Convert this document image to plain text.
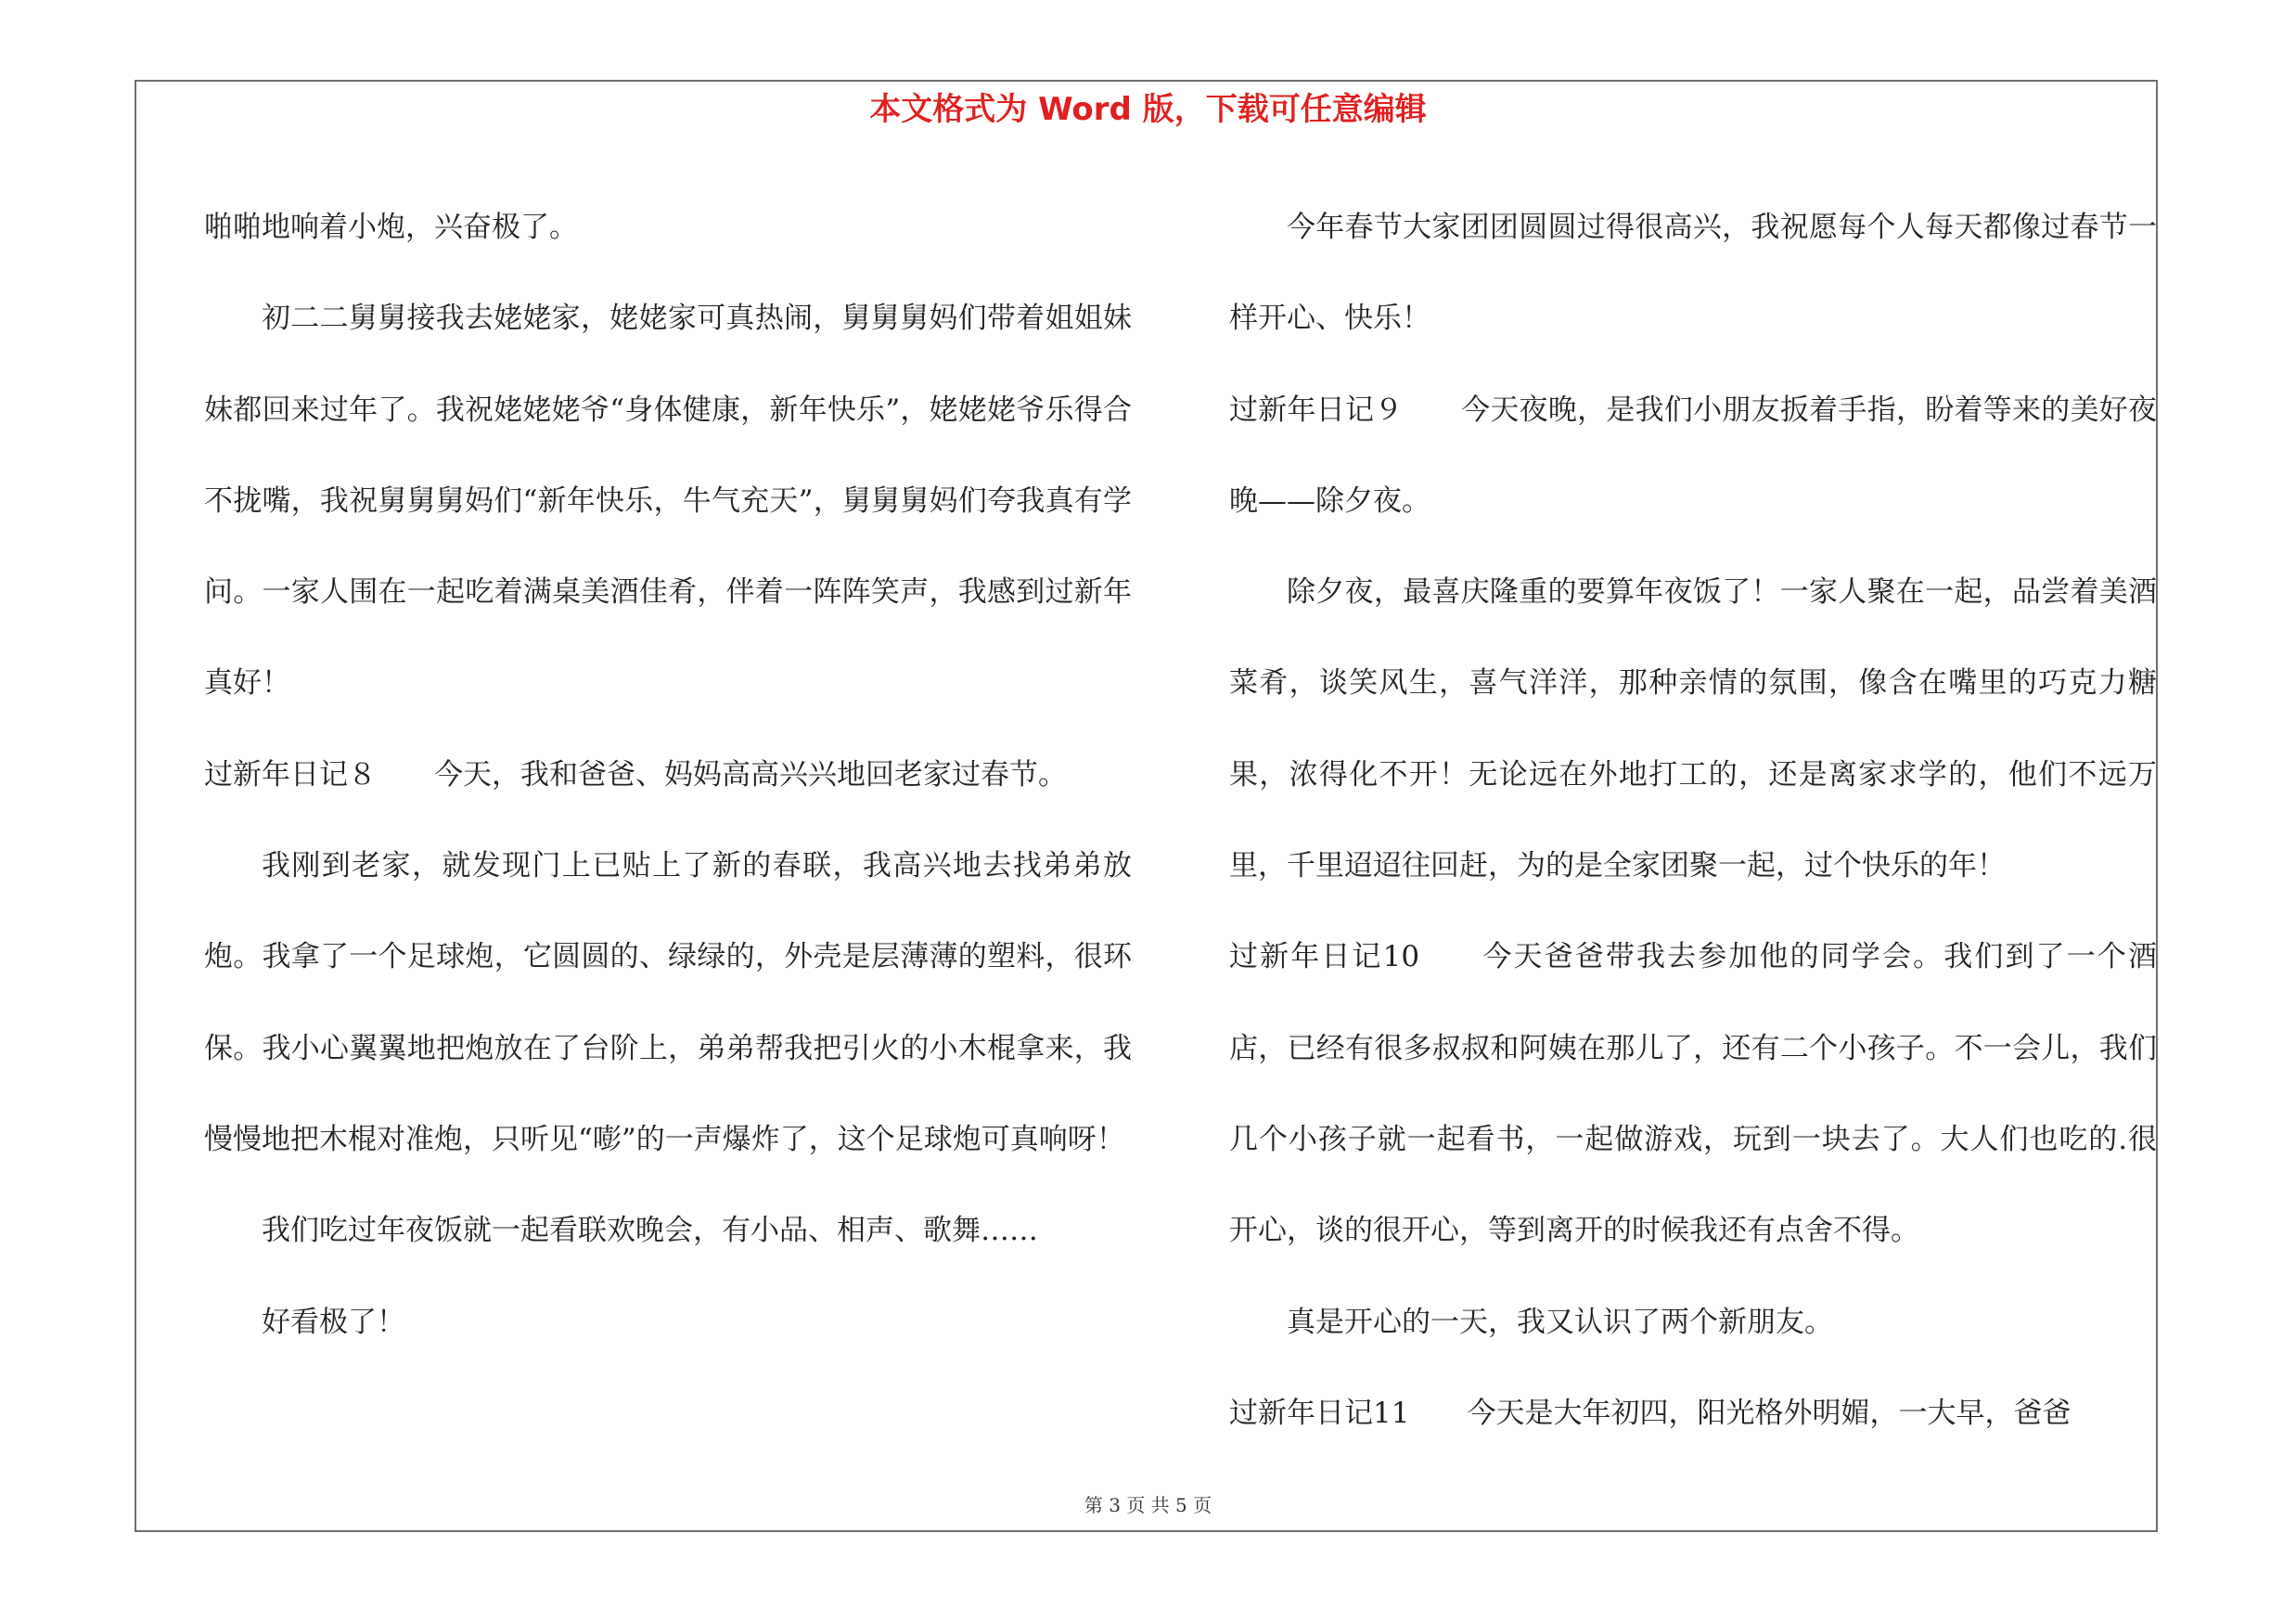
本文格式为 Word 版，下载可任意编辑

啪啪地响着小炮，兴奋极了。

初二二舅舅接我去姥姥家，姥姥家可真热闹，舅舅舅妈们带着姐姐妹妹都回来过年了。我祝姥姥姥爷“身体健康，新年快乐”，姥姥姥爷乐得合不拢嘴，我祝舅舅舅妈们“新年快乐，牛气充天”，舅舅舅妈们夸我真有学问。一家人围在一起吃着满桌美酒佳肴，伴着一阵阵笑声，我感到过新年真好！

过新年日记８　　今天，我和爸爸、妈妈高高兴兴地回老家过春节。

我刚到老家，就发现门上已贴上了新的春联，我高兴地去找弟弟放炮。我拿了一个足球炮，它圆圆的、绿绿的，外壳是层薄薄的塑料，很环保。我小心翼翼地把炮放在了台阶上，弟弟帮我把引火的小木棍拿来，我慢慢地把木棍对准炮，只听见“嘭”的一声爆炸了，这个足球炮可真响呀！

我们吃过年夜饭就一起看联欢晚会，有小品、相声、歌舞……

好看极了！

今年春节大家团团圆圆过得很高兴，我祝愿每个人每天都像过春节一样开心、快乐！

过新年日记９　　今天夜晚，是我们小朋友扳着手指，盼着等来的美好夜晚——除夕夜。

除夕夜，最喜庆隆重的要算年夜饭了！一家人聚在一起，品尝着美酒菜肴，谈笑风生，喜气洋洋，那种亲情的氛围，像含在嘴里的巧克力糖果，浓得化不开！无论远在外地打工的，还是离家求学的，他们不远万里，千里迢迢往回赶，为的是全家团聚一起，过个快乐的年！

过新年日记10　　今天爸爸带我去参加他的同学会。我们到了一个酒店，已经有很多叔叔和阿姨在那儿了，还有二个小孩子。不一会儿，我们几个小孩子就一起看书，一起做游戏，玩到一块去了。大人们也吃的.很开心，谈的很开心，等到离开的时候我还有点舍不得。

真是开心的一天，我又认识了两个新朋友。

过新年日记11　　今天是大年初四，阳光格外明媚，一大早，爸爸

第 3 页 共 5 页
